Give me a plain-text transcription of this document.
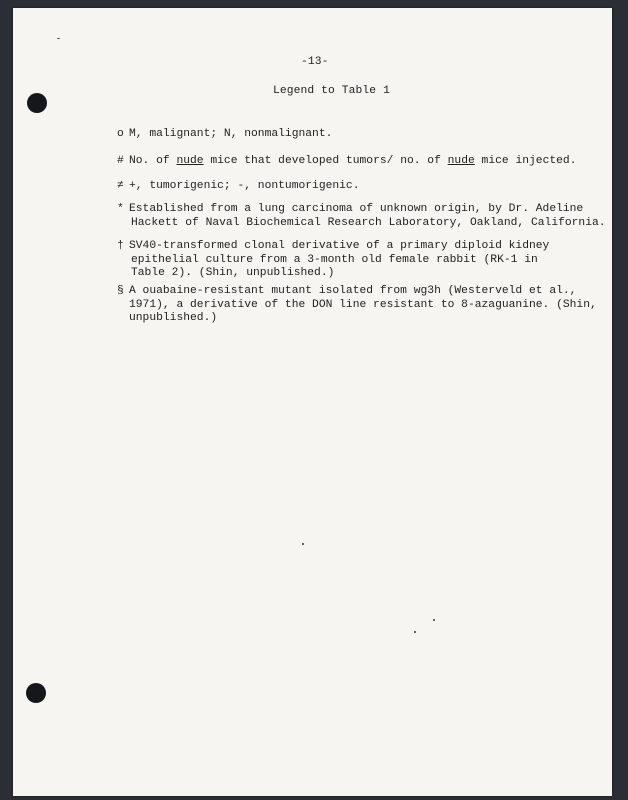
-13-
Legend to Table 1
o M, malignant; N, nonmalignant.
# No. of nude mice that developed tumors/ no. of nude mice injected.
≠ +, tumorigenic; -, nontumorigenic.
* Established from a lung carcinoma of unknown origin, by Dr. Adeline
Hackett of Naval Biochemical Research Laboratory, Oakland, California.
† SV40-transformed clonal derivative of a primary diploid kidney
epithelial culture from a 3-month old female rabbit (RK-1 in
Table 2). (Shin, unpublished.)
§ A ouabaine-resistant mutant isolated from wg3h (Westerveld et al.,
1971), a derivative of the DON line resistant to 8-azaguanine. (Shin,
unpublished.)
